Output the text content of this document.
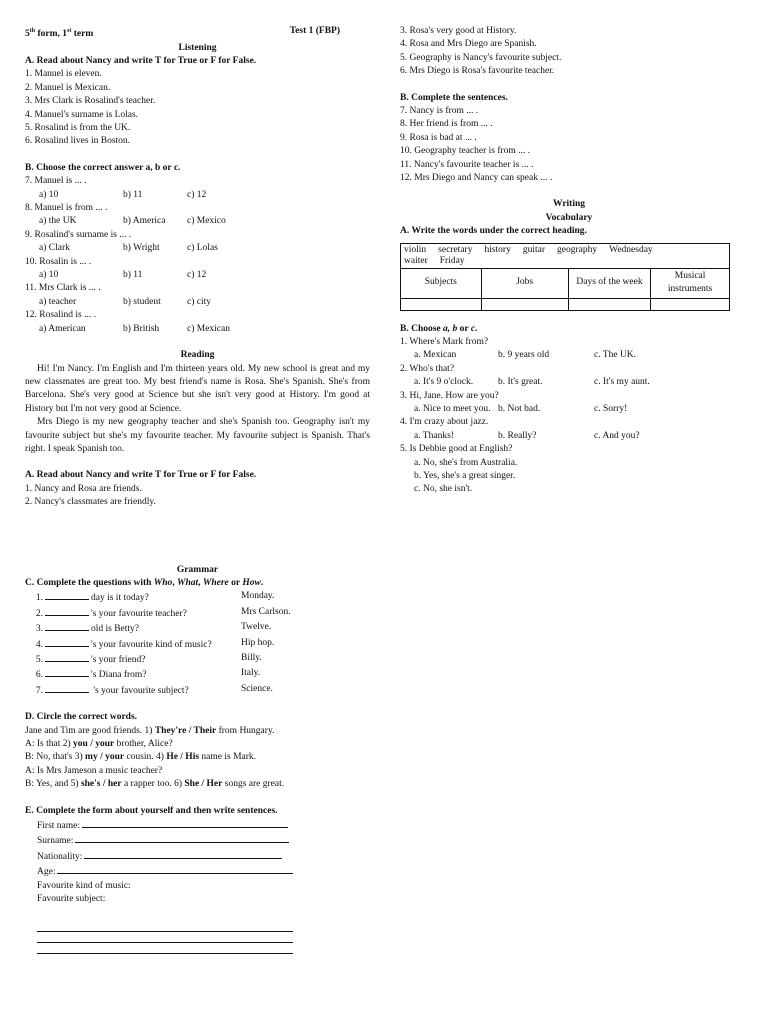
5th form, 1st term	Test 1 (FBP)
Listening
A. Read about Nancy and write T for True or F for False.
1. Manuel is eleven.
2. Manuel is Mexican.
3. Mrs Clark is Rosalind's teacher.
4. Manuel's surname is Lolas.
5. Rosalind is from the UK.
6. Rosalind lives in Boston.
B. Choose the correct answer a, b or c.
7. Manuel is ... .
a) 10	b) 11	c) 12
8. Manuel is from ... .
a) the UK	b) America	c) Mexico
9. Rosalind's surname is ... .
a) Clark	b) Wright	c) Lolas
10. Rosalin is ... .
a) 10	b) 11	c) 12
11. Mrs Clark is ... .
a) teacher	b) student	c) city
12. Rosalind is ... .
a) American	b) British	c) Mexican
Reading

Hi! I'm Nancy. I'm English and I'm thirteen years old. My new school is great and my new classmates are great too. My best friend's name is Rosa. She's Spanish. She's from Barcelona. She's very good at Science but she isn't very good at History. I'm good at History but I'm not very good at Science.

Mrs Diego is my new geography teacher and she's Spanish too. Geography isn't my favourite subject but she's my favourite teacher. My favourite subject is Spanish. That's right. I speak Spanish too.

A. Read about Nancy and write T for True or F for False.
1. Nancy and Rosa are friends.
2. Nancy's classmates are friendly.
Grammar
C. Complete the questions with Who, What, Where or How.
1.	day is it today?	Monday.
2.	's your favourite teacher?	Mrs Carlson.
3.	old is Betty?	Twelve.
4.	's your favourite kind of music?	Hip hop.
5.	's your friend?	Billy.
6.	's Diana from?	Italy.
7.	's your favourite subject?	Science.
D. Circle the correct words.
Jane and Tim are good friends. 1) They're / Their from Hungary.
A: Is that 2) you / your brother, Alice?
B: No, that's 3) my / your cousin. 4) He / His name is Mark.
A: Is Mrs Jameson a music teacher?
B: Yes, and 5) she's / her a rapper too. 6) She / Her songs are great.
E. Complete the form about yourself and then write sentences.
First name:
Surname:
Nationality:
Age:
Favourite kind of music:
Favourite subject:
3. Rosa's very good at History.
4. Rosa and Mrs Diego are Spanish.
5. Geography is Nancy's favourite subject.
6. Mrs Diego is Rosa's favourite teacher.
B. Complete the sentences.
7. Nancy is from ... .
8. Her friend is from ... .
9. Rosa is bad at ... .
10. Geography teacher is from ... .
11. Nancy's favourite teacher is ... .
12. Mrs Diego and Nancy can speak ... .
Writing
Vocabulary
A. Write the words under the correct heading.
violin secretary history guitar geography Wednesday
waiter Friday			

Subjects	Jobs	Days of the week	Musical instruments

B. Choose a, b or c.
1. Where's Mark from?
a. Mexican	b. 9 years old	c. The UK.
2. Who's that?
a. It's 9 o'clock.	b. It's great.	c. It's my aunt.
3. Hi, Jane. How are you?
a. Nice to meet you. b. Not bad.	c. Sorry!
4. I'm crazy about jazz.
a. Thanks!	b. Really?	c. And you?
5. Is Debbie good at English?
a. No, she's from Australia.
b. Yes, she's a great singer.
c. No, she isn't.
